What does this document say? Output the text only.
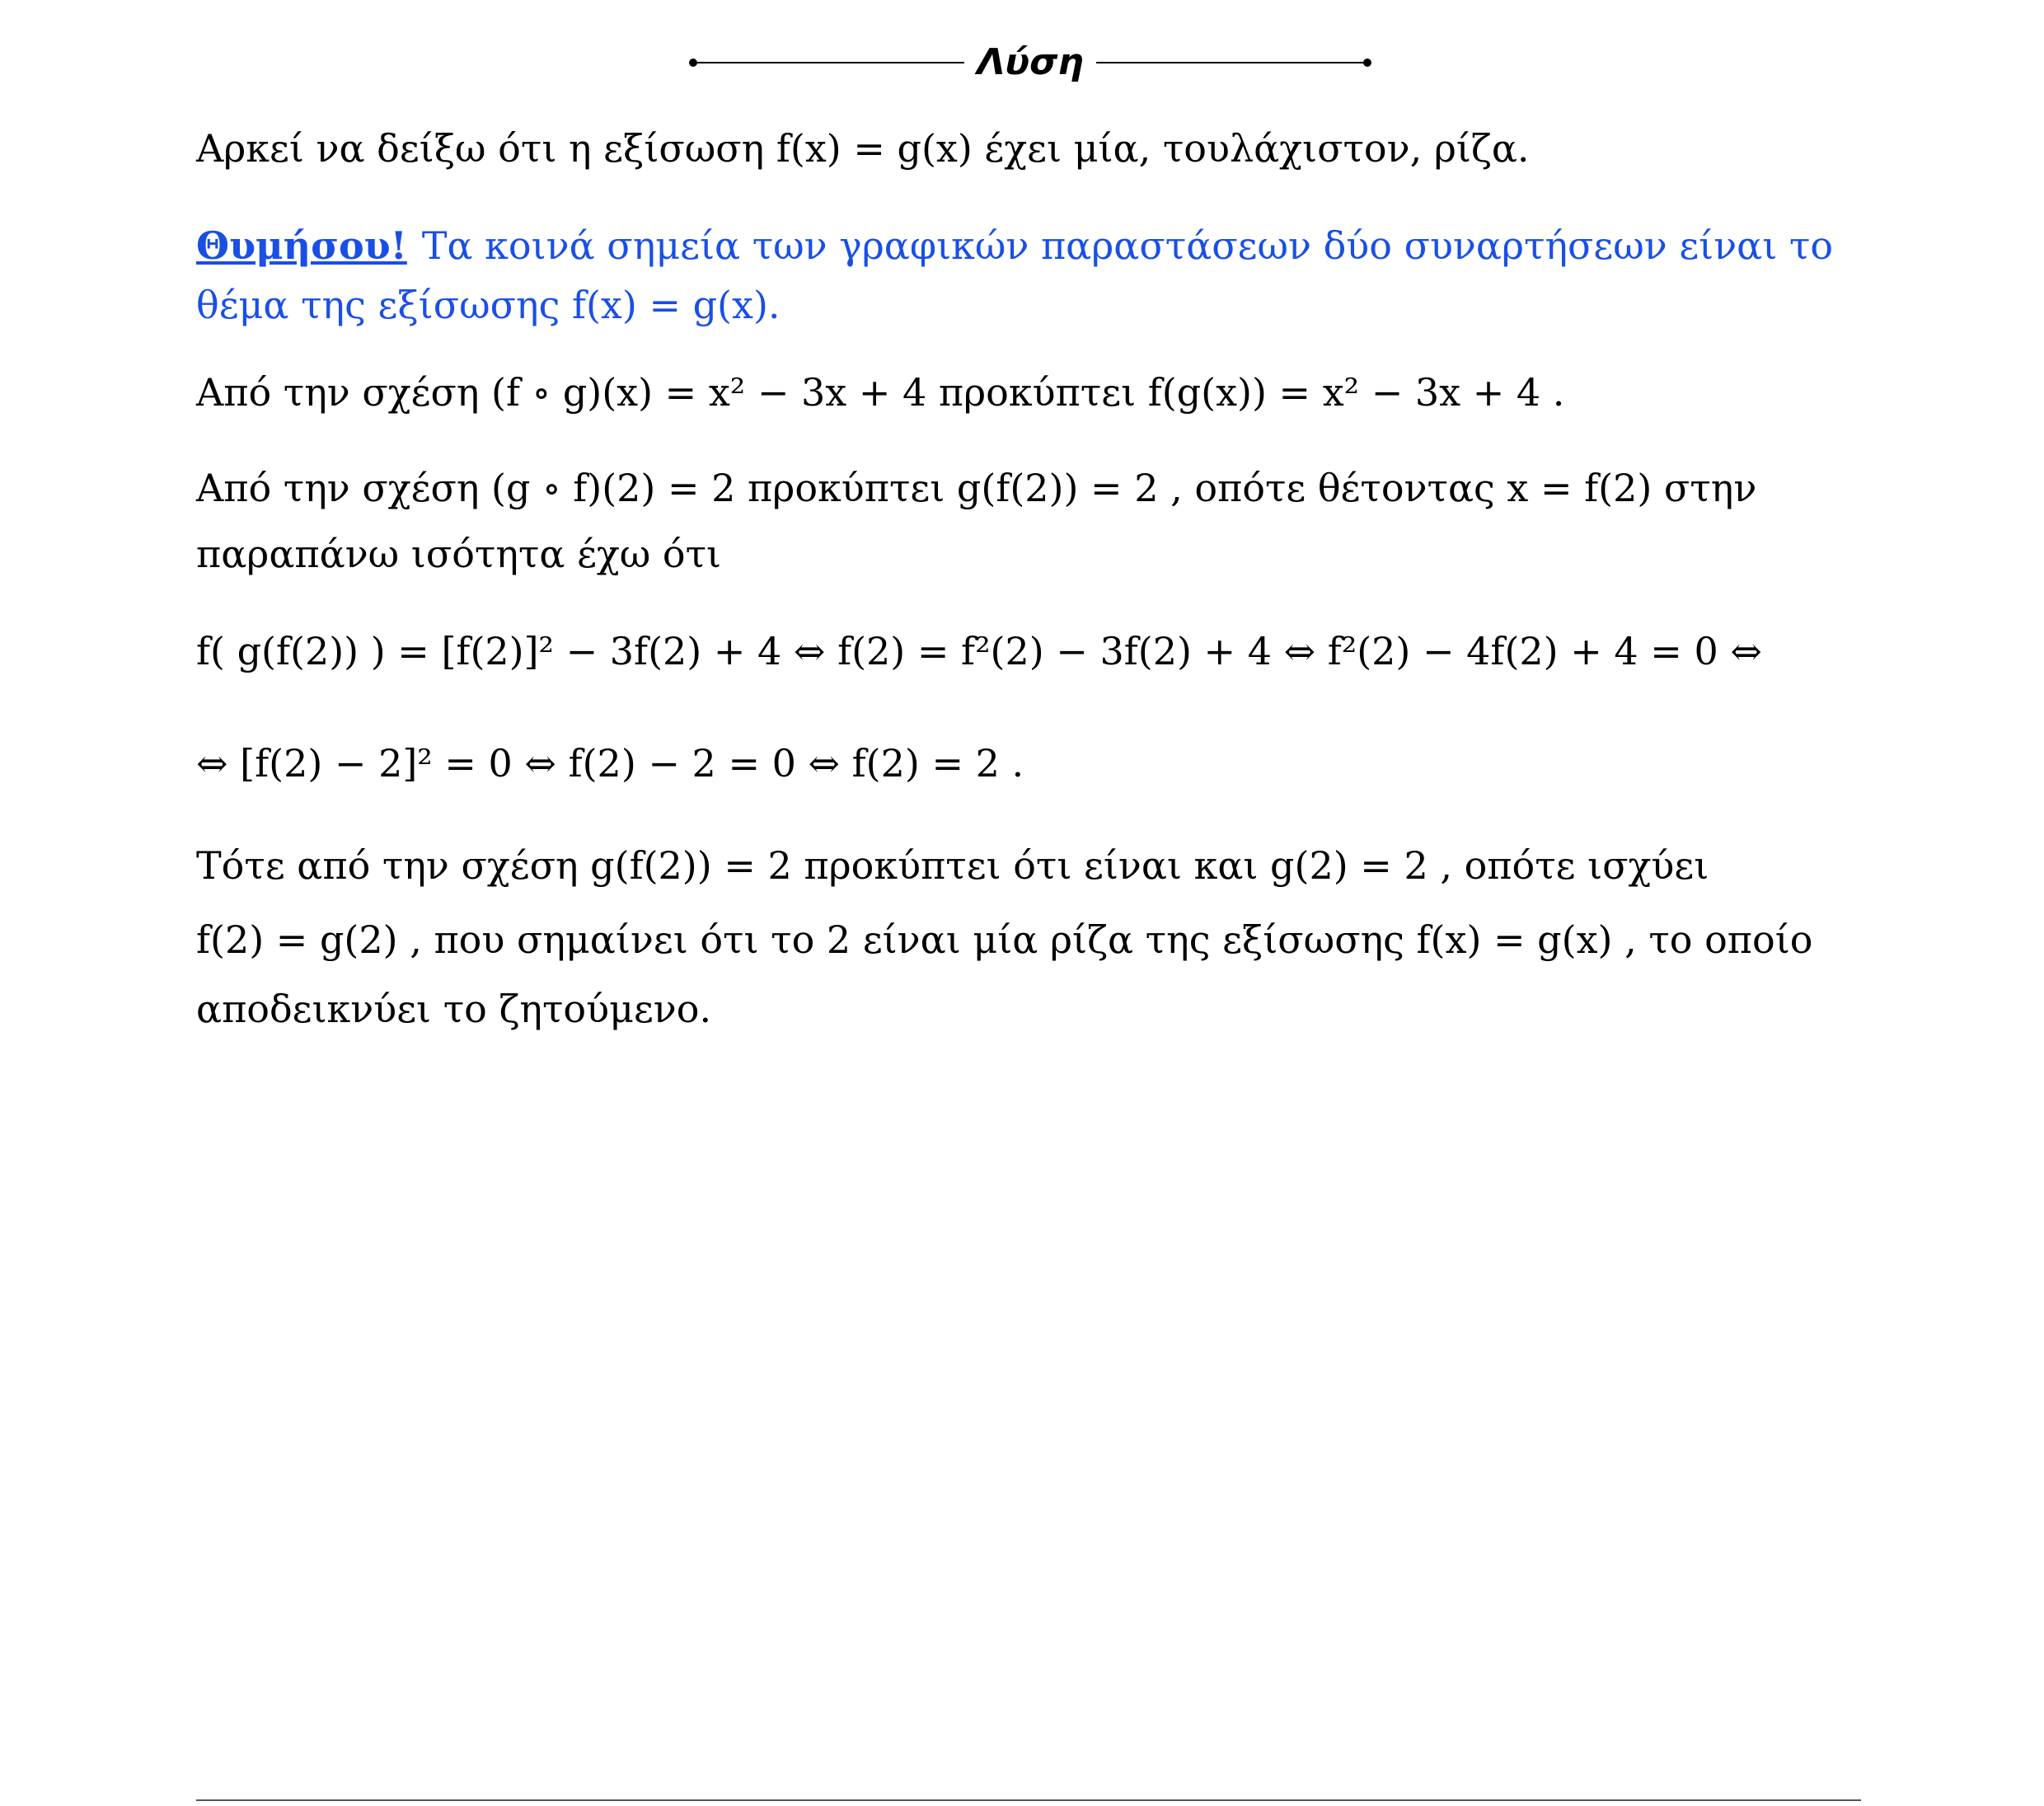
Λύση
Αρκεί να δείξω ότι η εξίσωση f(x) = g(x) έχει μία, τουλάχιστον, ρίζα.
Θυμήσου! Τα κοινά σημεία των γραφικών παραστάσεων δύο συναρτήσεων είναι το
θέμα της εξίσωσης f(x) = g(x).
Από την σχέση (f ∘ g)(x) = x² − 3x + 4 προκύπτει f(g(x)) = x² − 3x + 4 .
Από την σχέση (g ∘ f)(2) = 2 προκύπτει g(f(2)) = 2 , οπότε θέτοντας x = f(2) στην
παραπάνω ισότητα έχω ότι
f( g(f(2)) ) = [f(2)]² − 3f(2) + 4 ⇔ f(2) = f²(2) − 3f(2) + 4 ⇔ f²(2) − 4f(2) + 4 = 0 ⇔
⇔ [f(2) − 2]² = 0 ⇔ f(2) − 2 = 0 ⇔ f(2) = 2 .
Τότε από την σχέση g(f(2)) = 2 προκύπτει ότι είναι και g(2) = 2 , οπότε ισχύει
f(2) = g(2) , που σημαίνει ότι το 2 είναι μία ρίζα της εξίσωσης f(x) = g(x) , το οποίο
αποδεικνύει το ζητούμενο.
